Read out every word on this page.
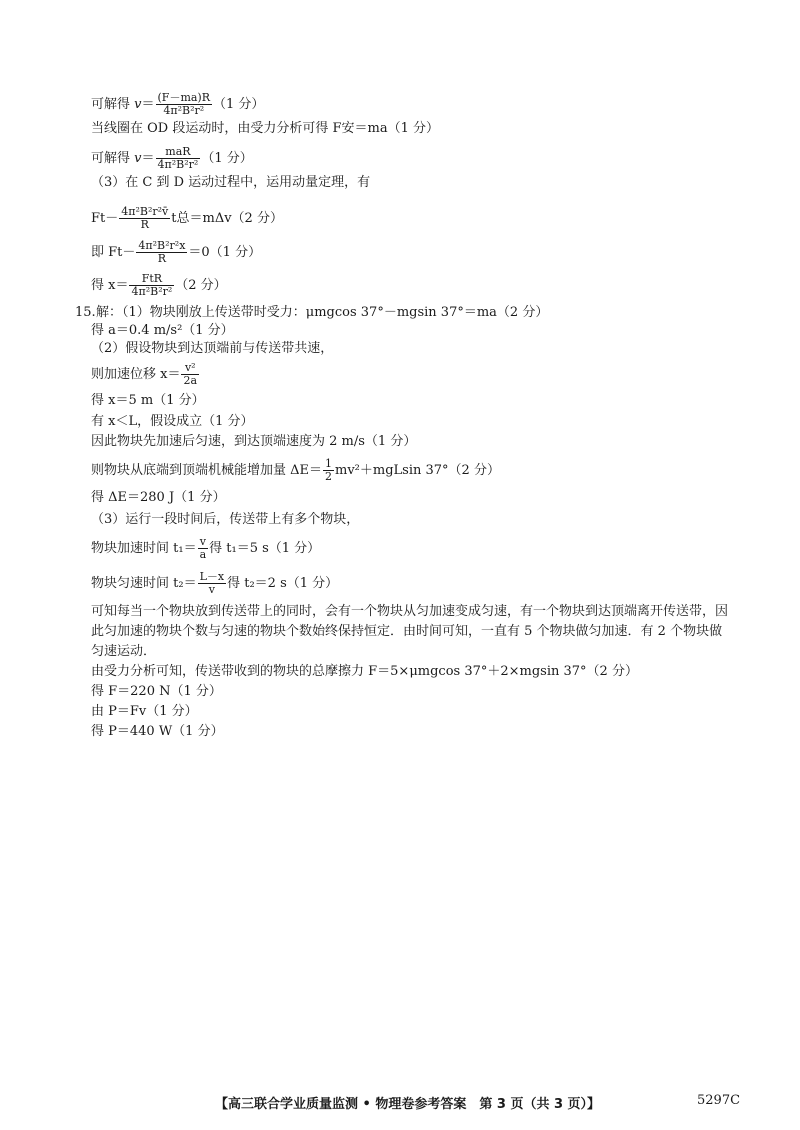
可解得 $v= \frac{(F-ma)R}{\text{4π²B²r²}} (1$ 分）
当线圈在 OD 段运动时，由受力分析可得 F安＝ma（1 分）
可解得 $v= \frac{\text{maR}}{\text{4π²B²r²}} (1$ 分）
（3）在 C 到 D 运动过程中，运用动量定理，有
$Ft- \frac{\text{4π²B²r²v̄}}{R}$ t总＝mΔv（2 分）
即 $Ft- \frac{\text{4π²B²r²x}}{R} =0(1$ 分）
得 $x= \frac{\text{FtR}}{\text{4π²B²r²}} (2$ 分）
15. 解：（1）物块刚放上传送带时受力：μmgcos 37°－mgsin 37°＝ma（2 分）
得 a＝0.4 m/s²（1 分）
（2）假设物块到达顶端前与传送带共速，
则加速位移 $x= \frac{\text{v²}}{2a}$
得 x＝5 m（1 分）
有 x＜L，假设成立（1 分）
因此物块先加速后匀速，到达顶端速度为 2 m/s（1 分）
则物块从底端到顶端机械能增加量 $\Delta E= \frac{1}{2} mv^2+mgLsin$ 37°（2 分）
得 ΔE＝280 J（1 分）
（3）运行一段时间后，传送带上有多个物块，
物块加速时间 $t_1= \frac{v}{a}$ 得 t₁＝5 s（1 分）
物块匀速时间 $t_2= \frac{L-x}{v}$ 得 t₂＝2 s（1 分）
可知每当一个物块放到传送带上的同时，会有一个物块从匀加速变成匀速，有一个物块到达顶端离开传送带，因此匀加速的物块个数与匀速的物块个数始终保持恒定．由时间可知，一直有 5 个物块做匀加速．有 2 个物块做匀速运动．
由受力分析可知，传送带收到的物块的总摩擦力 F＝5×μmgcos 37°＋2×mgsin 37°（2 分）
得 F＝220 N（1 分）
由 P＝Fv（1 分）
得 P＝440 W（1 分）
【高三联合学业质量监测 • 物理卷参考答案　第 3 页（共 3 页）】	5297C
